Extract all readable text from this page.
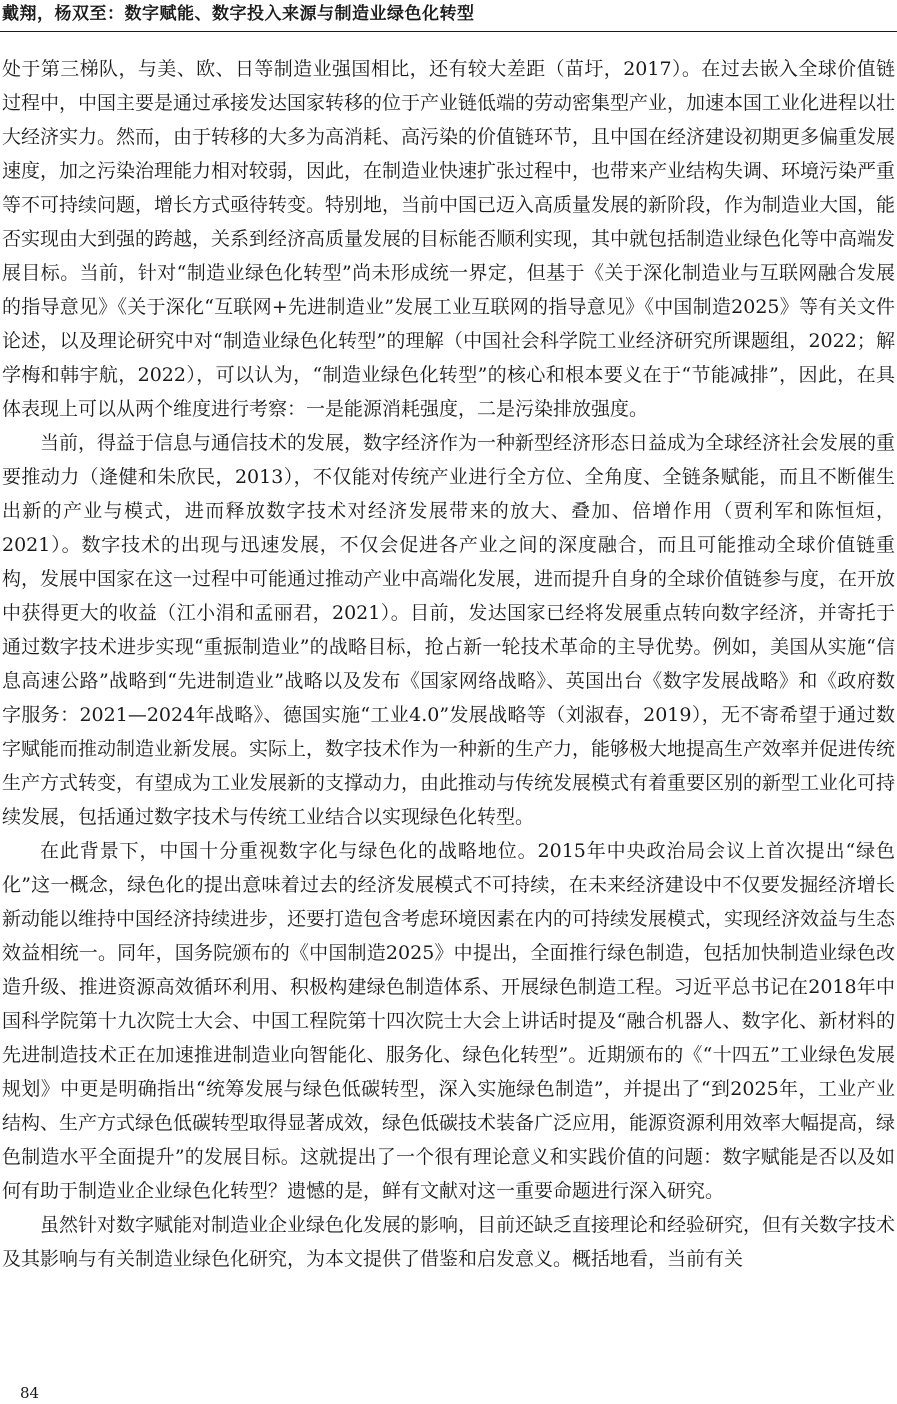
戴翔，杨双至：数字赋能、数字投入来源与制造业绿色化转型

处于第三梯队，与美、欧、日等制造业强国相比，还有较大差距（苗圩，2017）。在过去嵌入全球价值链过程中，中国主要是通过承接发达国家转移的位于产业链低端的劳动密集型产业，加速本国工业化进程以壮大经济实力。然而，由于转移的大多为高消耗、高污染的价值链环节，且中国在经济建设初期更多偏重发展速度，加之污染治理能力相对较弱，因此，在制造业快速扩张过程中，也带来产业结构失调、环境污染严重等不可持续问题，增长方式亟待转变。特别地，当前中国已迈入高质量发展的新阶段，作为制造业大国，能否实现由大到强的跨越，关系到经济高质量发展的目标能否顺利实现，其中就包括制造业绿色化等中高端发展目标。当前，针对“制造业绿色化转型”尚未形成统一界定，但基于《关于深化制造业与互联网融合发展的指导意见》《关于深化“互联网+先进制造业”发展工业互联网的指导意见》《中国制造2025》等有关文件论述，以及理论研究中对“制造业绿色化转型”的理解（中国社会科学院工业经济研究所课题组，2022；解学梅和韩宇航，2022），可以认为，“制造业绿色化转型”的核心和根本要义在于“节能减排”，因此，在具体表现上可以从两个维度进行考察：一是能源消耗强度，二是污染排放强度。

当前，得益于信息与通信技术的发展，数字经济作为一种新型经济形态日益成为全球经济社会发展的重要推动力（逄健和朱欣民，2013），不仅能对传统产业进行全方位、全角度、全链条赋能，而且不断催生出新的产业与模式，进而释放数字技术对经济发展带来的放大、叠加、倍增作用（贾利军和陈恒烜，2021）。数字技术的出现与迅速发展，不仅会促进各产业之间的深度融合，而且可能推动全球价值链重构，发展中国家在这一过程中可能通过推动产业中高端化发展，进而提升自身的全球价值链参与度，在开放中获得更大的收益（江小涓和孟丽君，2021）。目前，发达国家已经将发展重点转向数字经济，并寄托于通过数字技术进步实现“重振制造业”的战略目标，抢占新一轮技术革命的主导优势。例如，美国从实施“信息高速公路”战略到“先进制造业”战略以及发布《国家网络战略》、英国出台《数字发展战略》和《政府数字服务：2021—2024年战略》、德国实施“工业4.0”发展战略等（刘淑春，2019），无不寄希望于通过数字赋能而推动制造业新发展。实际上，数字技术作为一种新的生产力，能够极大地提高生产效率并促进传统生产方式转变，有望成为工业发展新的支撑动力，由此推动与传统发展模式有着重要区别的新型工业化可持续发展，包括通过数字技术与传统工业结合以实现绿色化转型。

在此背景下，中国十分重视数字化与绿色化的战略地位。2015年中央政治局会议上首次提出“绿色化”这一概念，绿色化的提出意味着过去的经济发展模式不可持续，在未来经济建设中不仅要发掘经济增长新动能以维持中国经济持续进步，还要打造包含考虑环境因素在内的可持续发展模式，实现经济效益与生态效益相统一。同年，国务院颁布的《中国制造2025》中提出，全面推行绿色制造，包括加快制造业绿色改造升级、推进资源高效循环利用、积极构建绿色制造体系、开展绿色制造工程。习近平总书记在2018年中国科学院第十九次院士大会、中国工程院第十四次院士大会上讲话时提及“融合机器人、数字化、新材料的先进制造技术正在加速推进制造业向智能化、服务化、绿色化转型”。近期颁布的《“十四五”工业绿色发展规划》中更是明确指出“统筹发展与绿色低碳转型，深入实施绿色制造”，并提出了“到2025年，工业产业结构、生产方式绿色低碳转型取得显著成效，绿色低碳技术装备广泛应用，能源资源利用效率大幅提高，绿色制造水平全面提升”的发展目标。这就提出了一个很有理论意义和实践价值的问题：数字赋能是否以及如何有助于制造业企业绿色化转型？遗憾的是，鲜有文献对这一重要命题进行深入研究。

虽然针对数字赋能对制造业企业绿色化发展的影响，目前还缺乏直接理论和经验研究，但有关数字技术及其影响与有关制造业绿色化研究，为本文提供了借鉴和启发意义。概括地看，当前有关

84
